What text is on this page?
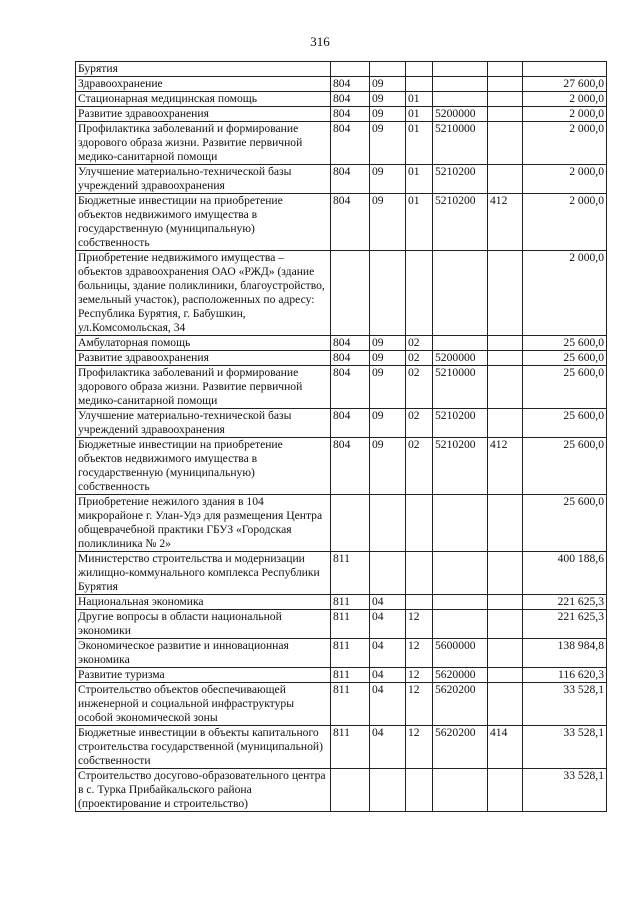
316
Бурятия						
Здравоохранение	804	09				27 600,0
Стационарная медицинская помощь	804	09	01			2 000,0
Развитие здравоохранения	804	09	01	5200000		2 000,0
Профилактика заболеваний и формирование здорового образа жизни. Развитие первичной медико-санитарной помощи	804	09	01	5210000		2 000,0
Улучшение материально-технической базы учреждений здравоохранения	804	09	01	5210200		2 000,0
Бюджетные инвестиции на приобретение объектов недвижимого имущества в государственную (муниципальную) собственность	804	09	01	5210200	412	2 000,0
Приобретение недвижимого имущества – объектов здравоохранения ОАО «РЖД» (здание больницы, здание поликлиники, благоустройство, земельный участок), расположенных по адресу: Республика Бурятия, г. Бабушкин, ул.Комсомольская, 34						2 000,0
Амбулаторная помощь	804	09	02			25 600,0
Развитие здравоохранения	804	09	02	5200000		25 600,0
Профилактика заболеваний и формирование здорового образа жизни. Развитие первичной медико-санитарной помощи	804	09	02	5210000		25 600,0
Улучшение материально-технической базы учреждений здравоохранения	804	09	02	5210200		25 600,0
Бюджетные инвестиции на приобретение объектов недвижимого имущества в государственную (муниципальную) собственность	804	09	02	5210200	412	25 600,0
Приобретение нежилого здания в 104 микрорайоне г. Улан-Удэ для размещения Центра общеврачебной практики ГБУЗ «Городская поликлиника № 2»						25 600,0
Министерство строительства и модернизации жилищно-коммунального комплекса Республики Бурятия	811					400 188,6
Национальная экономика	811	04				221 625,3
Другие вопросы в области национальной экономики	811	04	12			221 625,3
Экономическое развитие и инновационная экономика	811	04	12	5600000		138 984,8
Развитие туризма	811	04	12	5620000		116 620,3
Строительство объектов обеспечивающей инженерной и социальной инфраструктуры особой экономической зоны	811	04	12	5620200		33 528,1
Бюджетные инвестиции в объекты капитального строительства государственной (муниципальной) собственности	811	04	12	5620200	414	33 528,1
Строительство досугово-образовательного центра в с. Турка Прибайкальского района (проектирование и строительство)						33 528,1
